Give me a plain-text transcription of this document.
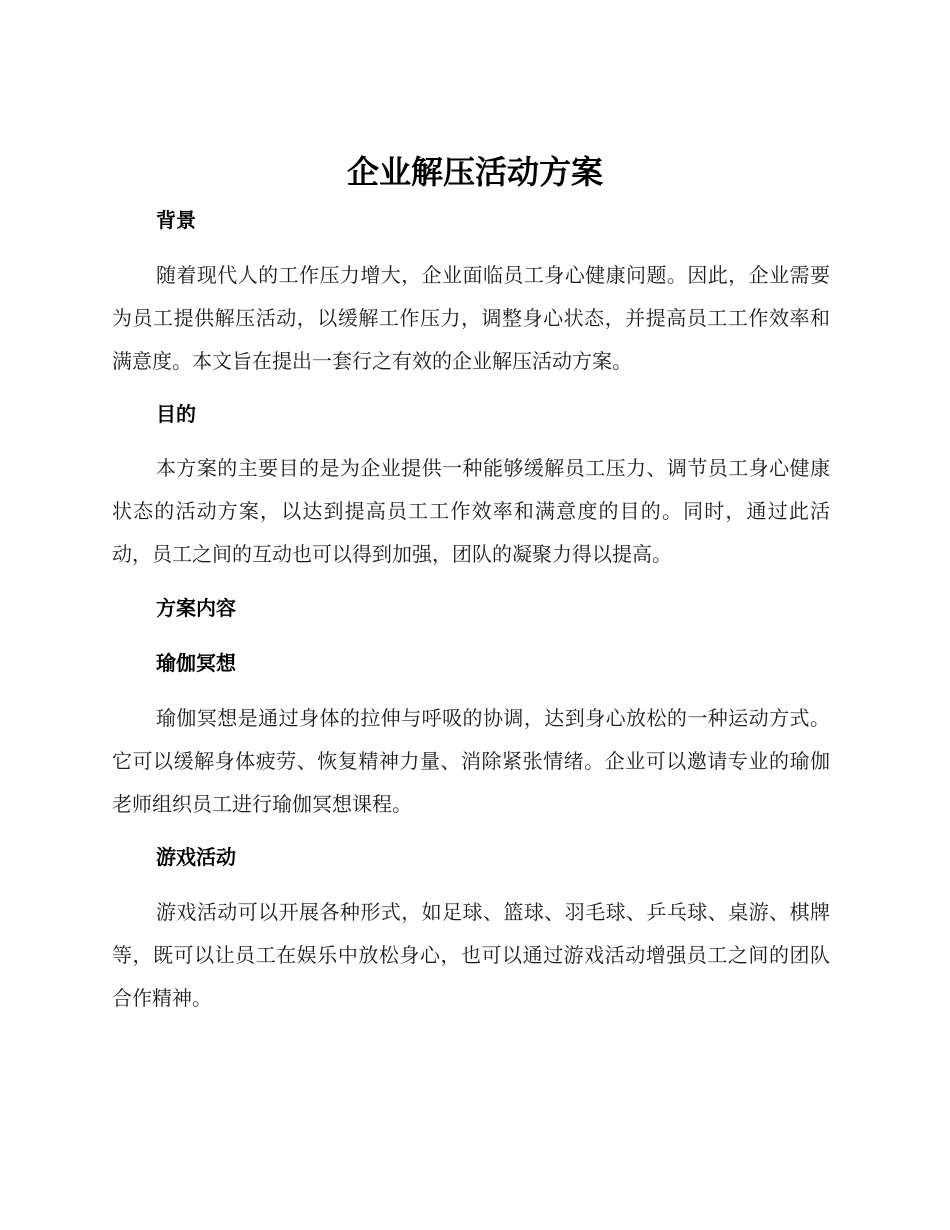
企业解压活动方案
背景

随着现代人的工作压力增大，企业面临员工身心健康问题。因此，企业需要为员工提供解压活动，以缓解工作压力，调整身心状态，并提高员工工作效率和满意度。本文旨在提出一套行之有效的企业解压活动方案。

目的

本方案的主要目的是为企业提供一种能够缓解员工压力、调节员工身心健康状态的活动方案，以达到提高员工工作效率和满意度的目的。同时，通过此活动，员工之间的互动也可以得到加强，团队的凝聚力得以提高。

方案内容
瑜伽冥想

瑜伽冥想是通过身体的拉伸与呼吸的协调，达到身心放松的一种运动方式。它可以缓解身体疲劳、恢复精神力量、消除紧张情绪。企业可以邀请专业的瑜伽老师组织员工进行瑜伽冥想课程。

游戏活动

游戏活动可以开展各种形式，如足球、篮球、羽毛球、乒乓球、桌游、棋牌等，既可以让员工在娱乐中放松身心，也可以通过游戏活动增强员工之间的团队合作精神。
